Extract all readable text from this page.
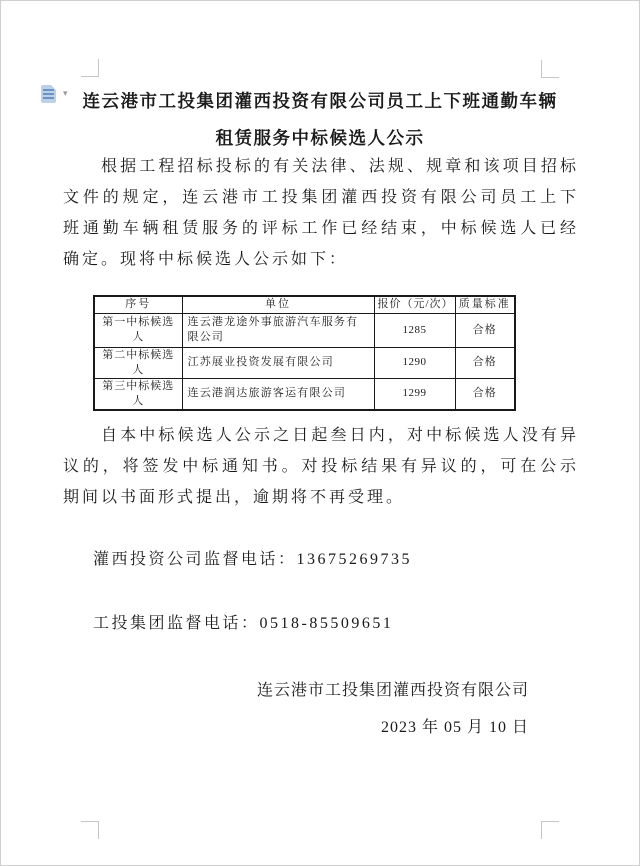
▾ 连云港市工投集团灌西投资有限公司员工上下班通勤车辆
租赁服务中标候选人公示
根据工程招标投标的有关法律、法规、规章和该项目招标
文件的规定，连云港市工投集团灌西投资有限公司员工上下
班通勤车辆租赁服务的评标工作已经结束，中标候选人已经
确定。现将中标候选人公示如下：
序号	单位	报价（元/次）	质量标准
第一中标候选人	连云港龙途外事旅游汽车服务有限公司	1285	合格
第二中标候选人	江苏展业投资发展有限公司	1290	合格
第三中标候选人	连云港润达旅游客运有限公司	1299	合格
自本中标候选人公示之日起叁日内，对中标候选人没有异
议的，将签发中标通知书。对投标结果有异议的，可在公示
期间以书面形式提出，逾期将不再受理。
灌西投资公司监督电话：13675269735
工投集团监督电话：0518-85509651
连云港市工投集团灌西投资有限公司
2023 年 05 月 10 日
